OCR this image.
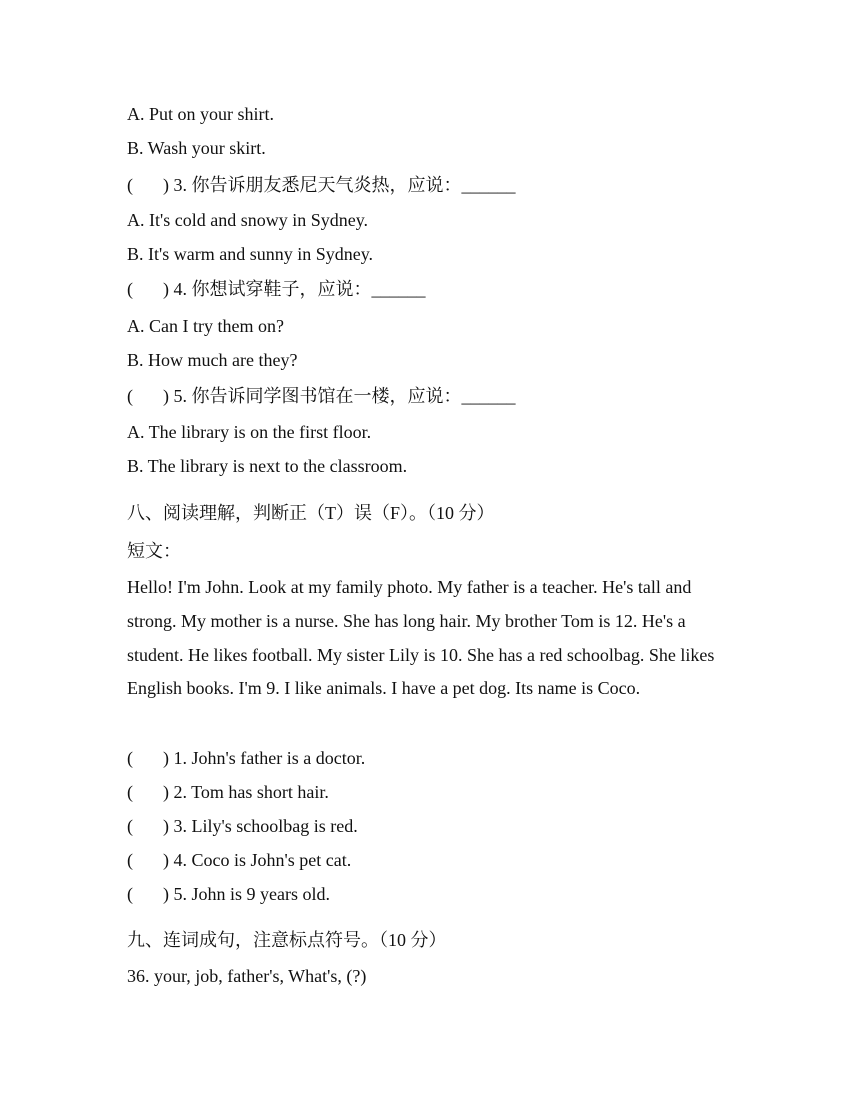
A. Put on your shirt.
B. Wash your skirt.
( ) 3. 你告诉朋友悉尼天气炎热，应说：______
A. It's cold and snowy in Sydney.
B. It's warm and sunny in Sydney.
( ) 4. 你想试穿鞋子，应说：______
A. Can I try them on?
B. How much are they?
( ) 5. 你告诉同学图书馆在一楼，应说：______
A. The library is on the first floor.
B. The library is next to the classroom.
八、阅读理解，判断正（T）误（F）。（10 分）
短文：
Hello! I'm John. Look at my family photo. My father is a teacher. He's tall and strong. My mother is a nurse. She has long hair. My brother Tom is 12. He's a student. He likes football. My sister Lily is 10. She has a red schoolbag. She likes English books. I'm 9. I like animals. I have a pet dog. Its name is Coco.
( ) 1. John's father is a doctor.
( ) 2. Tom has short hair.
( ) 3. Lily's schoolbag is red.
( ) 4. Coco is John's pet cat.
( ) 5. John is 9 years old.
九、连词成句，注意标点符号。（10 分）
36. your, job, father's, What's, (?)
